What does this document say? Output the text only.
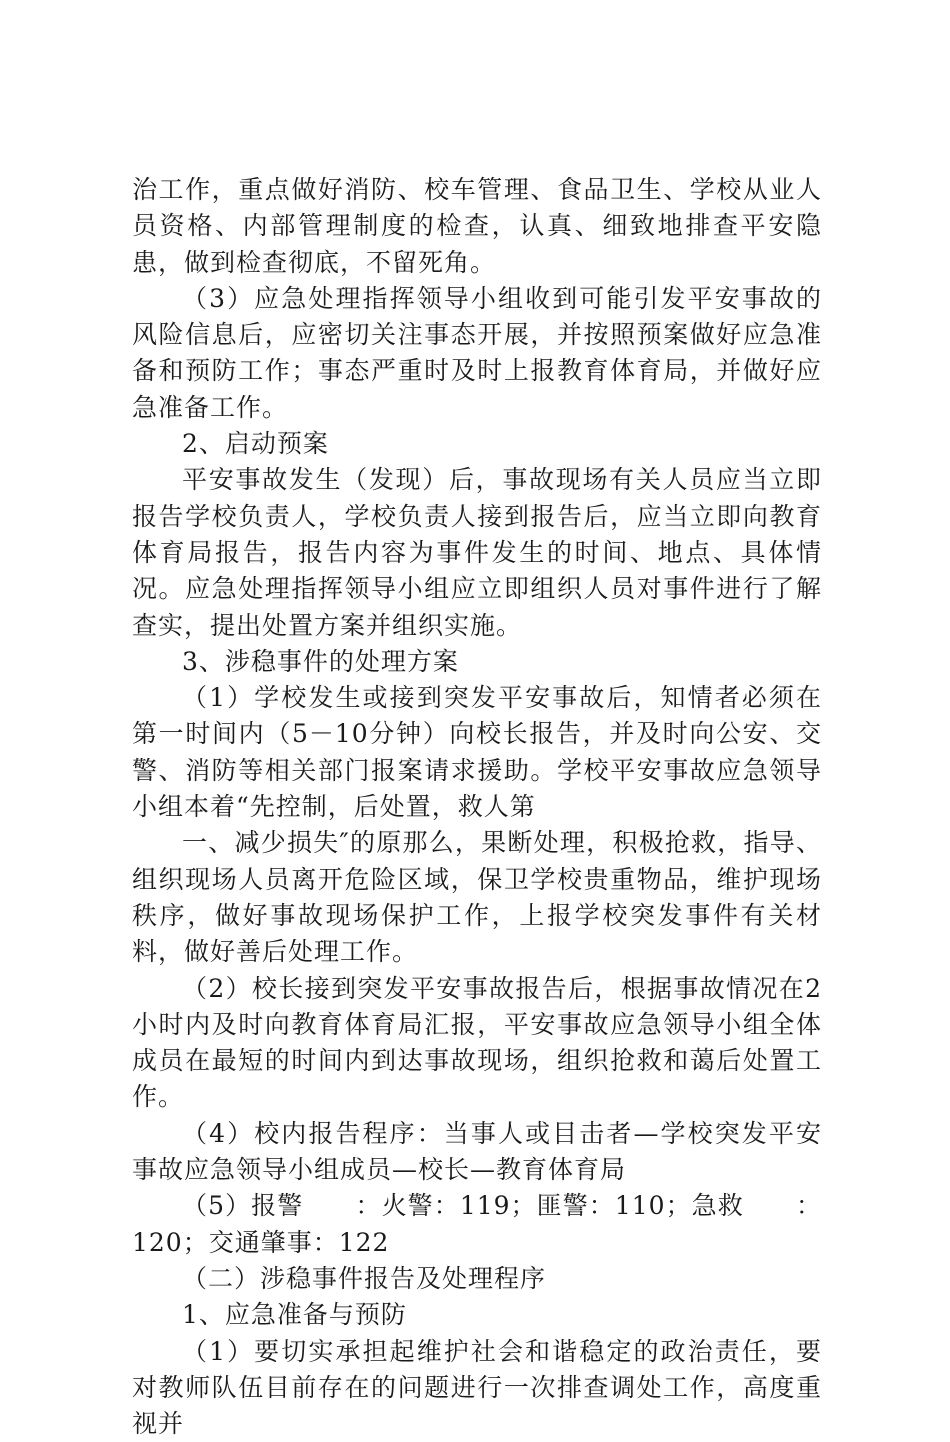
治工作，重点做好消防、校车管理、食品卫生、学校从业人员资格、内部管理制度的检查，认真、细致地排查平安隐患，做到检查彻底，不留死角。

（3）应急处理指挥领导小组收到可能引发平安事故的风险信息后，应密切关注事态开展，并按照预案做好应急准备和预防工作；事态严重时及时上报教育体育局，并做好应急准备工作。

2、启动预案

平安事故发生（发现）后，事故现场有关人员应当立即报告学校负责人，学校负责人接到报告后，应当立即向教育体育局报告，报告内容为事件发生的时间、地点、具体情况。应急处理指挥领导小组应立即组织人员对事件进行了解查实，提出处置方案并组织实施。

3、涉稳事件的处理方案

（1）学校发生或接到突发平安事故后，知情者必须在第一时间内（5－10分钟）向校长报告，并及时向公安、交警、消防等相关部门报案请求援助。学校平安事故应急领导小组本着“先控制，后处置，救人第

一、减少损失″的原那么，果断处理，积极抢救，指导、组织现场人员离开危险区域，保卫学校贵重物品，维护现场秩序，做好事故现场保护工作，上报学校突发事件有关材料，做好善后处理工作。

（2）校长接到突发平安事故报告后，根据事故情况在2小时内及时向教育体育局汇报，平安事故应急领导小组全体成员在最短的时间内到达事故现场，组织抢救和蔼后处置工作。

（4）校内报告程序：当事人或目击者—学校突发平安事故应急领导小组成员—校长—教育体育局

（5）报警　　：火警：119；匪警：110；急救　　：120；交通肇事：122

（二）涉稳事件报告及处理程序

1、应急准备与预防

（1）要切实承担起维护社会和谐稳定的政治责任，要对教师队伍目前存在的问题进行一次排查调处工作，高度重视并
